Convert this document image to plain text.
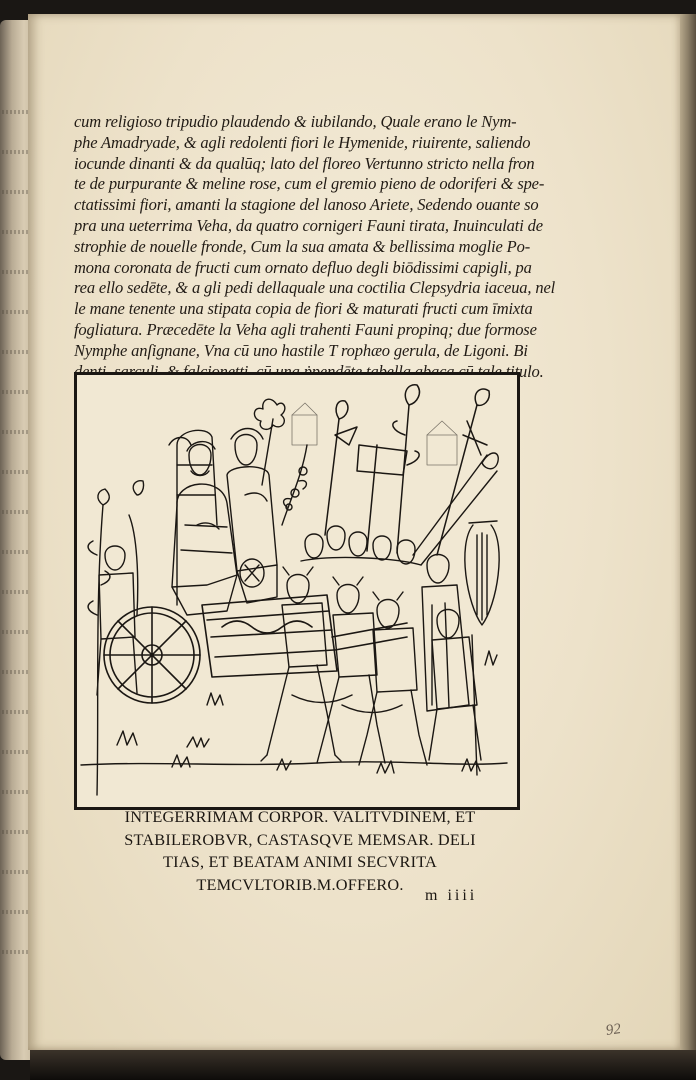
cum religioso tripudio plaudendo & iubilando, Quale erano le Nym-
phe Amadryade, & agli redolenti fiori le Hymenide, riuirente, saliendo
iocunde dinanti & da qualūq; lato del floreo Vertunno stricto nella fron
te de purpurante & meline rose, cum el gremio pieno de odoriferi & spe-
ctatissimi fiori, amanti la stagione del lanoso Ariete, Sedendo ouante so
pra una ueterrima Veha, da quatro cornigeri Fauni tirata, Inuinculati de
strophie de nouelle fronde, Cum la sua amata & bellissima moglie Po-
mona coronata de fructi cum ornato defluo degli biōdissimi capigli, pa
rea ello sedēte, & a gli pedi dellaquale una coctilia Clepsydria iaceua, nel
le mane tenente una stipata copia de fiori & maturati fructi cum īmixta
fogliatura. Præcedēte la Veha agli trahenti Fauni propinq; due formose
Nymphe anſignane, Vna cū uno hastile T rophæo gerula, de Ligoni. Bi
INTEGERRIMAM CORPOR. VALITVDINEM, ET
STABILEROBVR, CASTASQVE MEMSAR. DELI
TIAS, ET BEATAM ANIMI SECVRITA
TEMCVLTORIB.M.OFFERO.
m iiii
92
